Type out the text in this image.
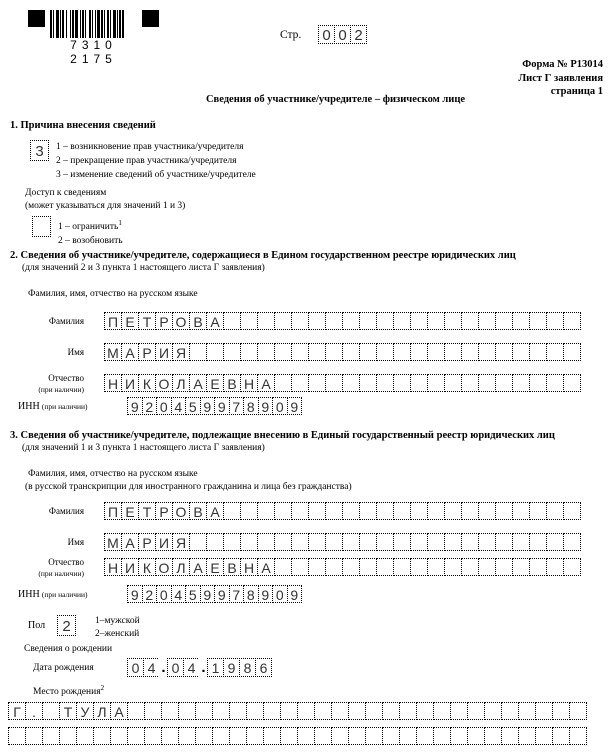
7310 2175
Стр. 0 0 2
Форма № Р13014
Лист Г заявления
страница 1
Сведения об участнике/учредителе – физическом лице
1. Причина внесения сведений
3	1 – возникновение прав участника/учредителя
2 – прекращение прав участника/учредителя
3 – изменение сведений об участнике/учредителе
Доступ к сведениям
(может указываться для значений 1 и 3)
1 – ограничить$^1$
2 – возобновить
2. Сведения об участнике/учредителе, содержащиеся в Едином государственном реестре юридических лиц
(для значений 2 и 3 пункта 1 настоящего листа Г заявления)
Фамилия, имя, отчество на русском языке
Фамилия П Е Т Р О В А
Имя М А Р И Я
Отчество
(при наличии) Н И К О Л А Е В Н А
ИНН (при наличии)	9 2 0 4 5 9 9 7 8 9 0 9
3. Сведения об участнике/учредителе, подлежащие внесению в Единый государственный реестр юридических лиц
(для значений 1 и 3 пункта 1 настоящего листа Г заявления)
Фамилия, имя, отчество на русском языке
(в русской транскрипции для иностранного гражданина и лица без гражданства)
Фамилия П Е Т Р О В А
Имя М А Р И Я
Отчество
(при наличии) Н И К О Л А Е В Н А
ИНН (при наличии)	9 2 0 4 5 9 9 7 8 9 0 9
Пол	2	1–мужской
2–женский
Сведения о рождении
Дата рождения	0 4 . 0 4 . 1 9 8 6
Место рождения$^2$
Г .	Т У Л А
